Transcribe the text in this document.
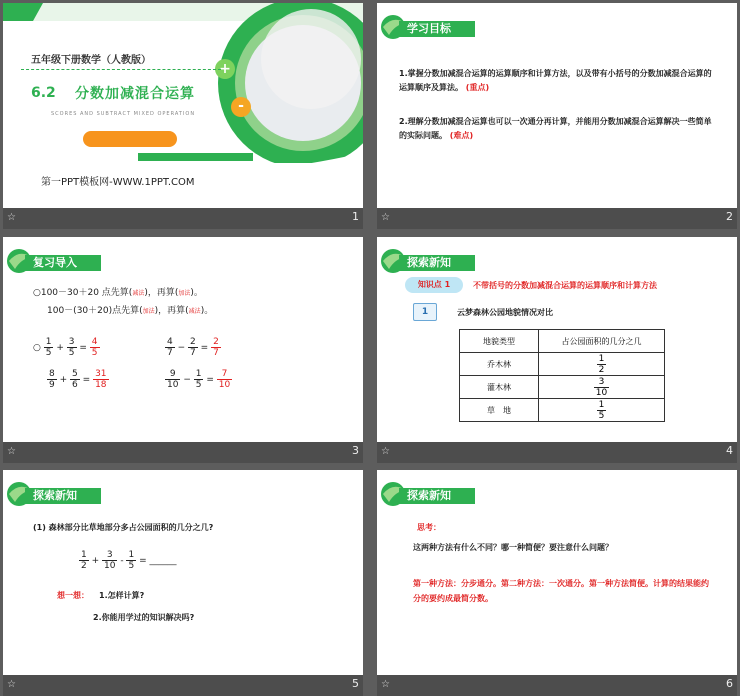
+
-
五年级下册数学（人教版）
6.2 分数加减混合运算
SCORES AND SUBTRACT MIXED OPERATION
第一PPT模板网-WWW.1PPT.COM
☆	1
学习目标
1.掌握分数加减混合运算的运算顺序和计算方法，以及带有小括号的分数加减混合运算的运算顺序及算法。 (重点)
2.理解分数加减混合运算也可以一次通分再计算，并能用分数加减混合运算解决一些简单的实际问题。 (难点)
☆	2
复习导入
○100－30＋20 点先算(减法)，再算(加法)。
100－(30＋20)点先算(加法)，再算(减法)。
○ $\frac{1}{5} + \frac{3}{5} = \frac{4}{5}$	$\frac{4}{7} - \frac{2}{7} = \frac{2}{7}$
$\frac{8}{9} + \frac{5}{6} = \frac{31}{18}$	$\frac{9}{10} - \frac{1}{5} = \frac{7}{10}$
☆	3
探索新知
知识点 1	不带括号的分数加减混合运算的运算顺序和计算方法
1	云梦森林公园地貌情况对比
地貌类型	占公园面积的几分之几
乔木林	$\frac{1}{2}$

灌木林	$\frac{3}{10}$

草　地	$\frac{1}{5}$
☆	4
探索新知
(1) 森林部分比草地部分多占公园面积的几分之几?
$\frac{1}{2} + \frac{3}{10} - \frac{1}{5}$ = ______
想一想： 1.怎样计算?
2.你能用学过的知识解决吗?
☆	5
探索新知
思考：
这两种方法有什么不同？哪一种简便？要注意什么问题？
第一种方法：分步通分。第二种方法：一次通分。第一种方法简便。计算的结果能约分的要约成最简分数。
☆	6
